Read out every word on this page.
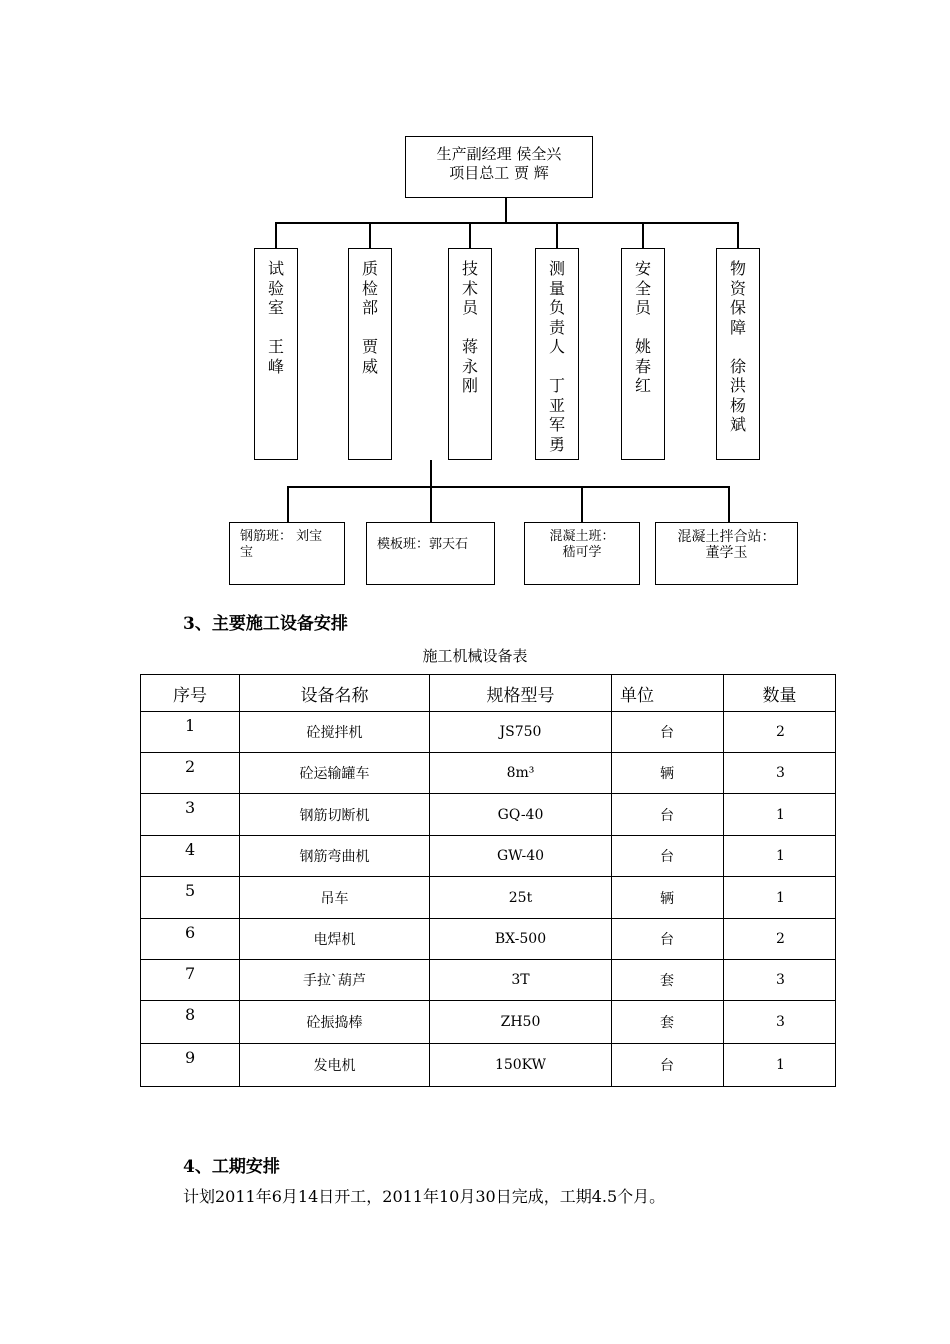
生产副经理 侯全兴
项目总工 贾 辉
试
验
室

王
峰
质
检
部

贾
威
技
术
员

蒋
永
刚
测
量
负
责
人

丁
亚
军
勇
安
全
员

姚
春
红
物
资
保
障

徐
洪
杨
斌
钢筋班： 刘宝
宝
模板班：郭天石
混凝土班：
嵇可学
混凝土拌合站：
董学玉
3、主要施工设备安排
施工机械设备表
序号	设备名称	规格型号	单位	数量
1	砼搅拌机	JS750	台	2
2	砼运输罐车	8m³	辆	3
3	钢筋切断机	GQ-40	台	1
4	钢筋弯曲机	GW-40	台	1
5	吊车	25t	辆	1
6	电焊机	BX-500	台	2
7	手拉`葫芦	3T	套	3
8	砼振捣棒	ZH50	套	3
9	发电机	150KW	台	1
4、工期安排
计划2011年6月14日开工，2011年10月30日完成，工期4.5个月。
